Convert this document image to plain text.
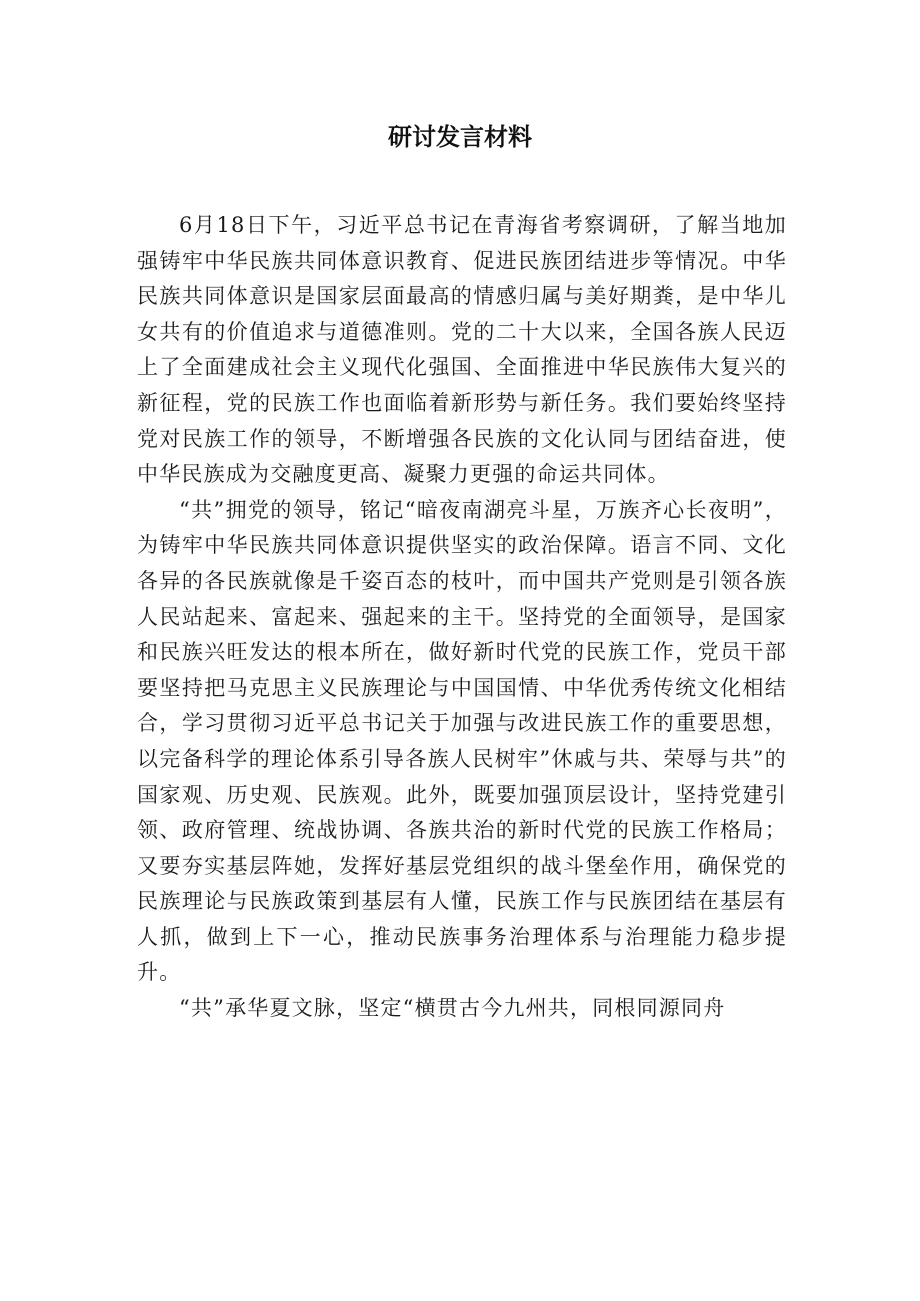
研讨发言材料

6月18日下午，习近平总书记在青海省考察调研，了解当地加强铸牢中华民族共同体意识教育、促进民族团结进步等情况。中华民族共同体意识是国家层面最高的情感归属与美好期粪，是中华儿女共有的价值追求与道德准则。党的二十大以来，全国各族人民迈上了全面建成社会主义现代化强国、全面推进中华民族伟大复兴的新征程，党的民族工作也面临着新形势与新任务。我们要始终坚持党对民族工作的领导，不断增强各民族的文化认同与团结奋进，使中华民族成为交融度更高、凝聚力更强的命运共同体。

“共”拥党的领导，铭记“暗夜南湖亮斗星，万族齐心长夜明”，为铸牢中华民族共同体意识提供坚实的政治保障。语言不同、文化各异的各民族就像是千姿百态的枝叶，而中国共产党则是引领各族人民站起来、富起来、强起来的主干。坚持党的全面领导，是国家和民族兴旺发达的根本所在，做好新时代党的民族工作，党员干部要坚持把马克思主义民族理论与中国国情、中华优秀传统文化相结合，学习贯彻习近平总书记关于加强与改进民族工作的重要思想，以完备科学的理论体系引导各族人民树牢”休戚与共、荣辱与共”的国家观、历史观、民族观。此外，既要加强顶层设计，坚持党建引领、政府管理、统战协调、各族共治的新时代党的民族工作格局；又要夯实基层阵她，发挥好基层党组织的战斗堡垒作用，确保党的民族理论与民族政策到基层有人懂，民族工作与民族团结在基层有人抓，做到上下一心，推动民族事务治理体系与治理能力稳步提升。

“共”承华夏文脉，坚定“横贯古今九州共，同根同源同舟
